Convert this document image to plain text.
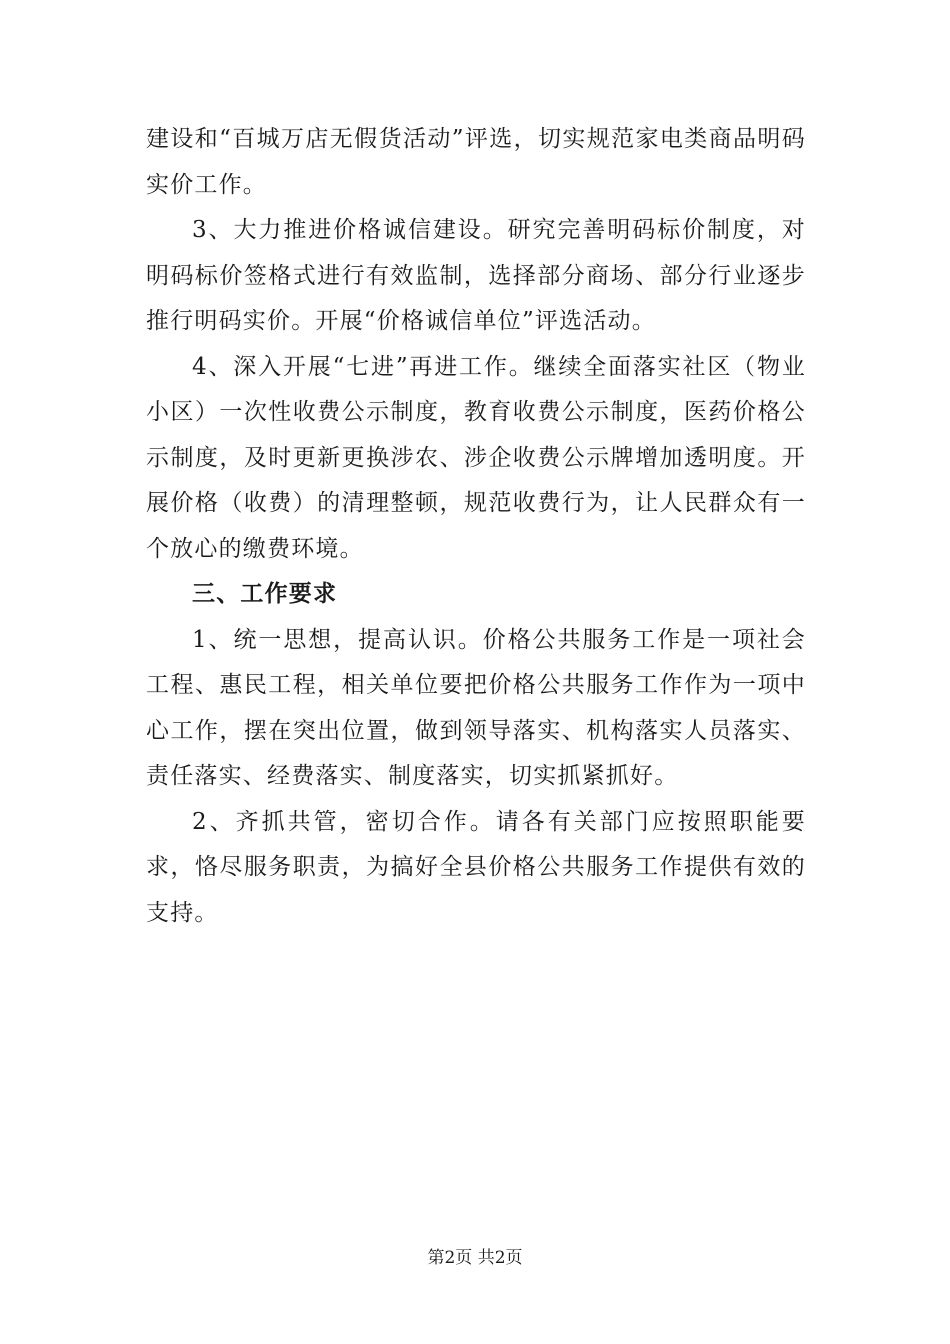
建设和“百城万店无假货活动”评选，切实规范家电类商品明码实价工作。

3、大力推进价格诚信建设。研究完善明码标价制度，对明码标价签格式进行有效监制，选择部分商场、部分行业逐步推行明码实价。开展“价格诚信单位”评选活动。

4、深入开展“七进”再进工作。继续全面落实社区（物业小区）一次性收费公示制度，教育收费公示制度，医药价格公示制度，及时更新更换涉农、涉企收费公示牌增加透明度。开展价格（收费）的清理整顿，规范收费行为，让人民群众有一个放心的缴费环境。

三、工作要求

1、统一思想，提高认识。价格公共服务工作是一项社会工程、惠民工程，相关单位要把价格公共服务工作作为一项中心工作，摆在突出位置，做到领导落实、机构落实人员落实、责任落实、经费落实、制度落实，切实抓紧抓好。

2、齐抓共管，密切合作。请各有关部门应按照职能要求，恪尽服务职责，为搞好全县价格公共服务工作提供有效的支持。

第2页 共2页
